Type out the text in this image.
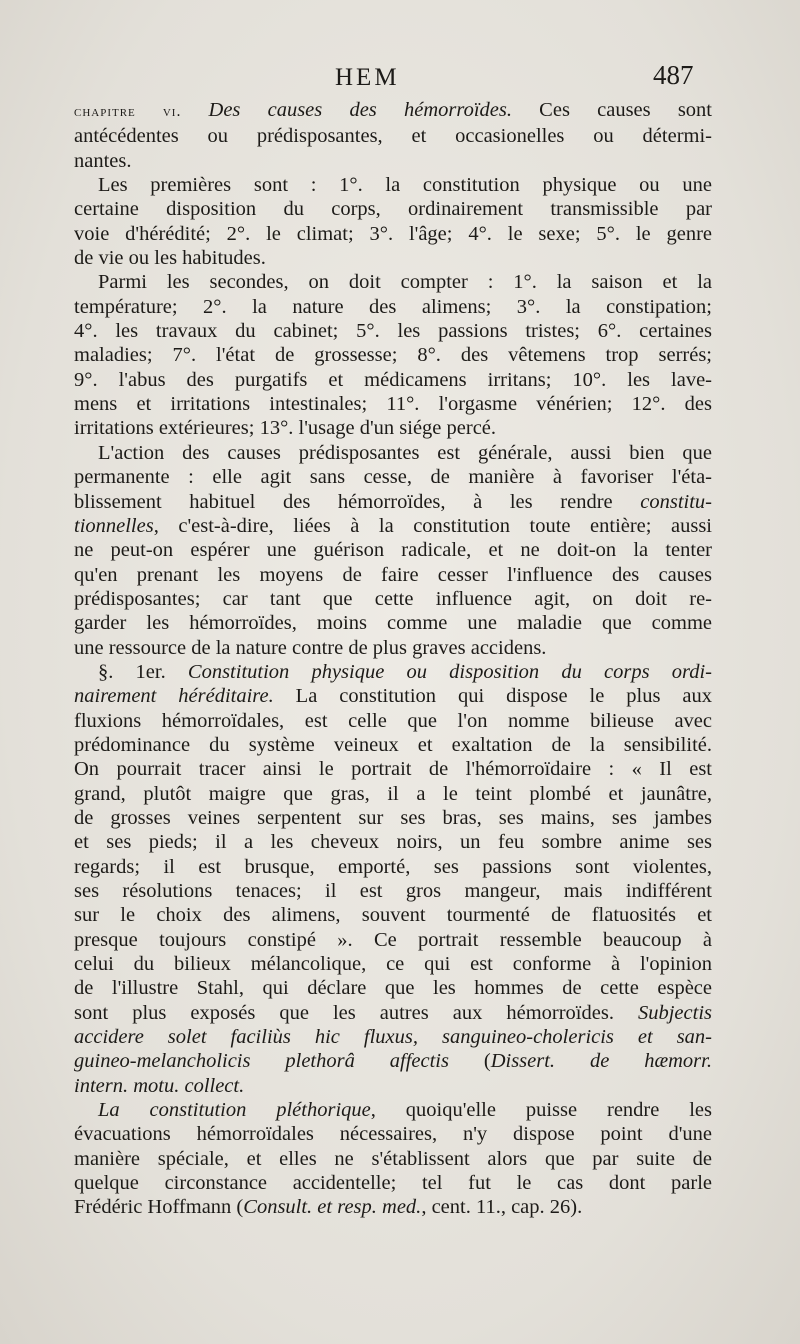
HEM	487
chapitre vi. Des causes des hémorroïdes. Ces causes sont
antécédentes ou prédisposantes, et occasionelles ou détermi-
nantes.
Les premières sont : 1°. la constitution physique ou une
certaine disposition du corps, ordinairement transmissible par
voie d'hérédité; 2°. le climat; 3°. l'âge; 4°. le sexe; 5°. le genre
de vie ou les habitudes.
Parmi les secondes, on doit compter : 1°. la saison et la
température; 2°. la nature des alimens; 3°. la constipation;
4°. les travaux du cabinet; 5°. les passions tristes; 6°. certaines
maladies; 7°. l'état de grossesse; 8°. des vêtemens trop serrés;
9°. l'abus des purgatifs et médicamens irritans; 10°. les lave-
mens et irritations intestinales; 11°. l'orgasme vénérien; 12°. des
irritations extérieures; 13°. l'usage d'un siége percé.
L'action des causes prédisposantes est générale, aussi bien que
permanente : elle agit sans cesse, de manière à favoriser l'éta-
blissement habituel des hémorroïdes, à les rendre constitu-
tionnelles, c'est-à-dire, liées à la constitution toute entière; aussi
ne peut-on espérer une guérison radicale, et ne doit-on la tenter
qu'en prenant les moyens de faire cesser l'influence des causes
prédisposantes; car tant que cette influence agit, on doit re-
garder les hémorroïdes, moins comme une maladie que comme
une ressource de la nature contre de plus graves accidens.
§. 1er. Constitution physique ou disposition du corps ordi-
nairement héréditaire. La constitution qui dispose le plus aux
fluxions hémorroïdales, est celle que l'on nomme bilieuse avec
prédominance du système veineux et exaltation de la sensibilité.
On pourrait tracer ainsi le portrait de l'hémorroïdaire : « Il est
grand, plutôt maigre que gras, il a le teint plombé et jaunâtre,
de grosses veines serpentent sur ses bras, ses mains, ses jambes
et ses pieds; il a les cheveux noirs, un feu sombre anime ses
regards; il est brusque, emporté, ses passions sont violentes,
ses résolutions tenaces; il est gros mangeur, mais indifférent
sur le choix des alimens, souvent tourmenté de flatuosités et
presque toujours constipé ». Ce portrait ressemble beaucoup à
celui du bilieux mélancolique, ce qui est conforme à l'opinion
de l'illustre Stahl, qui déclare que les hommes de cette espèce
sont plus exposés que les autres aux hémorroïdes. Subjectis
accidere solet faciliùs hic fluxus, sanguineo-cholericis et san-
guineo-melancholicis plethorâ affectis (Dissert. de hæmorr.
intern. motu. collect.
La constitution pléthorique, quoiqu'elle puisse rendre les
évacuations hémorroïdales nécessaires, n'y dispose point d'une
manière spéciale, et elles ne s'établissent alors que par suite de
quelque circonstance accidentelle; tel fut le cas dont parle
Frédéric Hoffmann (Consult. et resp. med., cent. 11., cap. 26).
